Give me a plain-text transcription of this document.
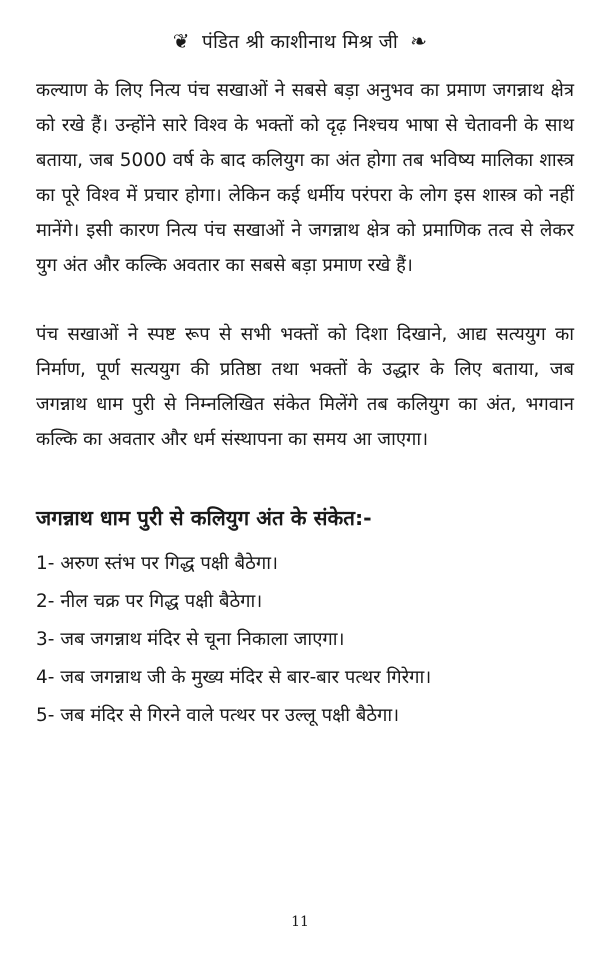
❦ पंडित श्री काशीनाथ मिश्र जी ❧

कल्याण के लिए नित्य पंच सखाओं ने सबसे बड़ा अनुभव का प्रमाण जगन्नाथ क्षेत्र को रखे हैं। उन्होंने सारे विश्व के भक्तों को दृढ़ निश्चय भाषा से चेतावनी के साथ बताया, जब 5000 वर्ष के बाद कलियुग का अंत होगा तब भविष्य मालिका शास्त्र का पूरे विश्व में प्रचार होगा। लेकिन कई धर्मीय परंपरा के लोग इस शास्त्र को नहीं मानेंगे। इसी कारण नित्य पंच सखाओं ने जगन्नाथ क्षेत्र को प्रमाणिक तत्व से लेकर युग अंत और कल्कि अवतार का सबसे बड़ा प्रमाण रखे हैं।

पंच सखाओं ने स्पष्ट रूप से सभी भक्तों को दिशा दिखाने, आद्य सत्ययुग का निर्माण, पूर्ण सत्ययुग की प्रतिष्ठा तथा भक्तों के उद्धार के लिए बताया, जब जगन्नाथ धाम पुरी से निम्नलिखित संकेत मिलेंगे तब कलियुग का अंत, भगवान कल्कि का अवतार और धर्म संस्थापना का समय आ जाएगा।

जगन्नाथ धाम पुरी से कलियुग अंत के संकेत:-
1- अरुण स्तंभ पर गिद्ध पक्षी बैठेगा।
2- नील चक्र पर गिद्ध पक्षी बैठेगा।
3- जब जगन्नाथ मंदिर से चूना निकाला जाएगा।
4- जब जगन्नाथ जी के मुख्य मंदिर से बार-बार पत्थर गिरेगा।
5- जब मंदिर से गिरने वाले पत्थर पर उल्लू पक्षी बैठेगा।
11
